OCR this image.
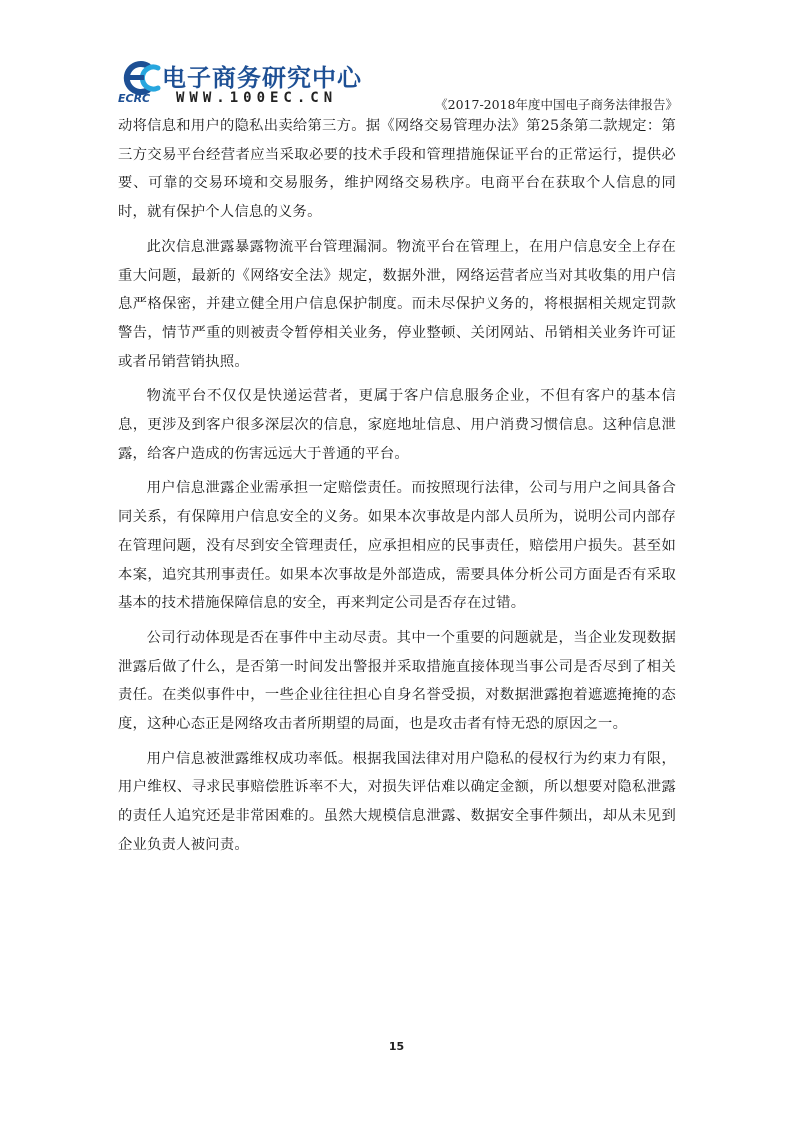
电子商务研究中心
ECRC WWW.100EC.CN	《2017-2018年度中国电子商务法律报告》

动将信息和用户的隐私出卖给第三方。据《网络交易管理办法》第25条第二款规定：第三方交易平台经营者应当采取必要的技术手段和管理措施保证平台的正常运行，提供必要、可靠的交易环境和交易服务，维护网络交易秩序。电商平台在获取个人信息的同时，就有保护个人信息的义务。

此次信息泄露暴露物流平台管理漏洞。物流平台在管理上，在用户信息安全上存在重大问题，最新的《网络安全法》规定，数据外泄，网络运营者应当对其收集的用户信息严格保密，并建立健全用户信息保护制度。而未尽保护义务的，将根据相关规定罚款警告，情节严重的则被责令暂停相关业务，停业整顿、关闭网站、吊销相关业务许可证或者吊销营销执照。

物流平台不仅仅是快递运营者，更属于客户信息服务企业，不但有客户的基本信息，更涉及到客户很多深层次的信息，家庭地址信息、用户消费习惯信息。这种信息泄露，给客户造成的伤害远远大于普通的平台。

用户信息泄露企业需承担一定赔偿责任。而按照现行法律，公司与用户之间具备合同关系，有保障用户信息安全的义务。如果本次事故是内部人员所为，说明公司内部存在管理问题，没有尽到安全管理责任，应承担相应的民事责任，赔偿用户损失。甚至如本案，追究其刑事责任。如果本次事故是外部造成，需要具体分析公司方面是否有采取基本的技术措施保障信息的安全，再来判定公司是否存在过错。

公司行动体现是否在事件中主动尽责。其中一个重要的问题就是，当企业发现数据泄露后做了什么，是否第一时间发出警报并采取措施直接体现当事公司是否尽到了相关责任。在类似事件中，一些企业往往担心自身名誉受损，对数据泄露抱着遮遮掩掩的态度，这种心态正是网络攻击者所期望的局面，也是攻击者有恃无恐的原因之一。

用户信息被泄露维权成功率低。根据我国法律对用户隐私的侵权行为约束力有限，用户维权、寻求民事赔偿胜诉率不大，对损失评估难以确定金额，所以想要对隐私泄露的责任人追究还是非常困难的。虽然大规模信息泄露、数据安全事件频出，却从未见到企业负责人被问责。

15
